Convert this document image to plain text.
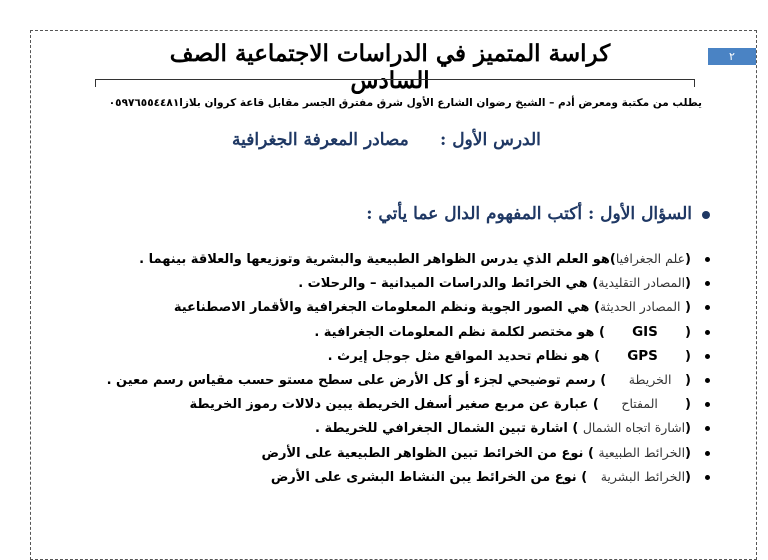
٢
كراسة المتميز في الدراسات الاجتماعية الصف السادس
يطلب من مكتبة ومعرض أدم – الشيخ رضوان الشارع الأول شرق مفترق الجسر مقابل قاعة كروان بلازا٠٥٩٧٦٥٥٤٤٨١
الدرس الأول :
مصادر المعرفة الجغرافية
السؤال الأول : أكتب المفهوم الدال عما يأتي :
(علم الجغرافيا)هو العلم الذي يدرس الظواهر الطبيعية والبشرية وتوزيعها والعلاقة بينهما .
(المصادر التقليدية) هي الخرائط والدراسات الميدانية – والرحلات .
( المصادر الحديثة) هي الصور الجوية ونظم المعلومات الجغرافية والأقمار الاصطناعية
(      GIS      ) هو مختصر لكلمة نظم المعلومات الجغرافية .
(      GPS      ) هو نظام تحديد المواقع مثل جوجل إيرث .
(   الخريطة     ) رسم توضيحي لجزء أو كل الأرض على سطح مستو حسب مقياس رسم معين .
(      المفتاح     ) عبارة عن مربع صغير أسفل الخريطة يبين دلالات رموز الخريطة
(اشارة اتجاه الشمال ) اشارة تبين الشمال الجغرافي للخريطة .
(الخرائط الطبيعية ) نوع من الخرائط تبين الظواهر الطبيعية على الأرض
(الخرائط البشرية   ) نوع من الخرائط يبن النشاط البشرى على الأرض
